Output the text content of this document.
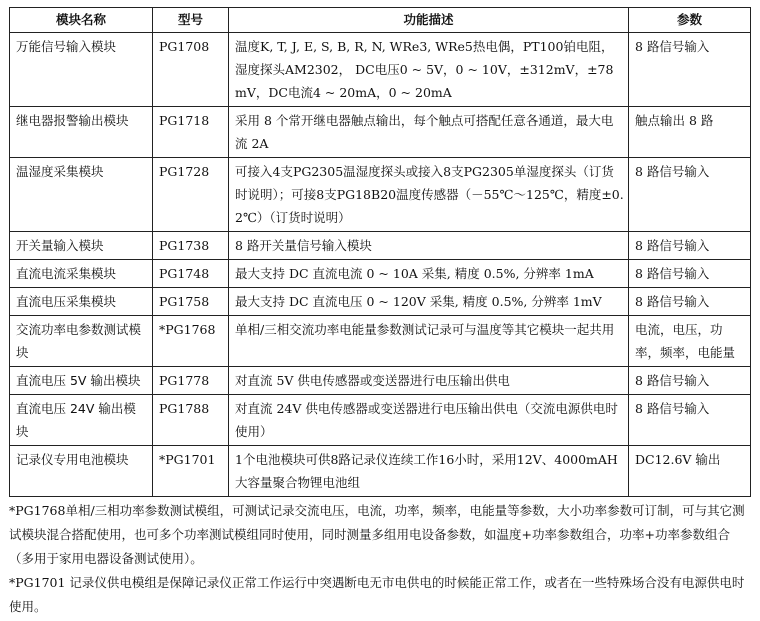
模块名称	型号	功能描述	参数
万能信号输入模块	PG1708	温度K, T, J, E, S, B, R, N, WRe3, WRe5热电偶，PT100铂电阻，湿度探头AM2302， DC电压0 ~ 5V，0 ~ 10V，±312mV，±78mV，DC电流4 ~ 20mA，0 ~ 20mA	8 路信号输入
继电器报警输出模块	PG1718	采用 8 个常开继电器触点输出，每个触点可搭配任意各通道，最大电流 2A	触点输出 8 路
温湿度采集模块	PG1728	可接入4支PG2305温湿度探头或接入8支PG2305单湿度探头（订货时说明）；可接8支PG18B20温度传感器（－55℃～125℃，精度±0.2℃）（订货时说明）	8 路信号输入
开关量输入模块	PG1738	8 路开关量信号输入模块	8 路信号输入
直流电流采集模块	PG1748	最大支持 DC 直流电流 0 ~ 10A 采集, 精度 0.5%, 分辨率 1mA	8 路信号输入
直流电压采集模块	PG1758	最大支持 DC 直流电压 0 ~ 120V 采集, 精度 0.5%, 分辨率 1mV	8 路信号输入
交流功率电参数测试模块	*PG1768	单相/三相交流功率电能量参数测试记录可与温度等其它模块一起共用	电流，电压，功率，频率，电能量
直流电压 5V 输出模块	PG1778	对直流 5V 供电传感器或变送器进行电压输出供电	8 路信号输入
直流电压 24V 输出模块	PG1788	对直流 24V 供电传感器或变送器进行电压输出供电（交流电源供电时使用）	8 路信号输入
记录仪专用电池模块	*PG1701	1个电池模块可供8路记录仪连续工作16小时，采用12V、4000mAH大容量聚合物锂电池组	DC12.6V 输出

*PG1768单相/三相功率参数测试模组，可测试记录交流电压，电流，功率，频率，电能量等参数，大小功率参数可订制，可与其它测试模块混合搭配使用，也可多个功率测试模组同时使用，同时测量多组用电设备参数，如温度+功率参数组合，功率+功率参数组合（多用于家用电器设备测试使用）。

*PG1701 记录仪供电模组是保障记录仪正常工作运行中突遇断电无市电供电的时候能正常工作，或者在一些特殊场合没有电源供电时使用。
